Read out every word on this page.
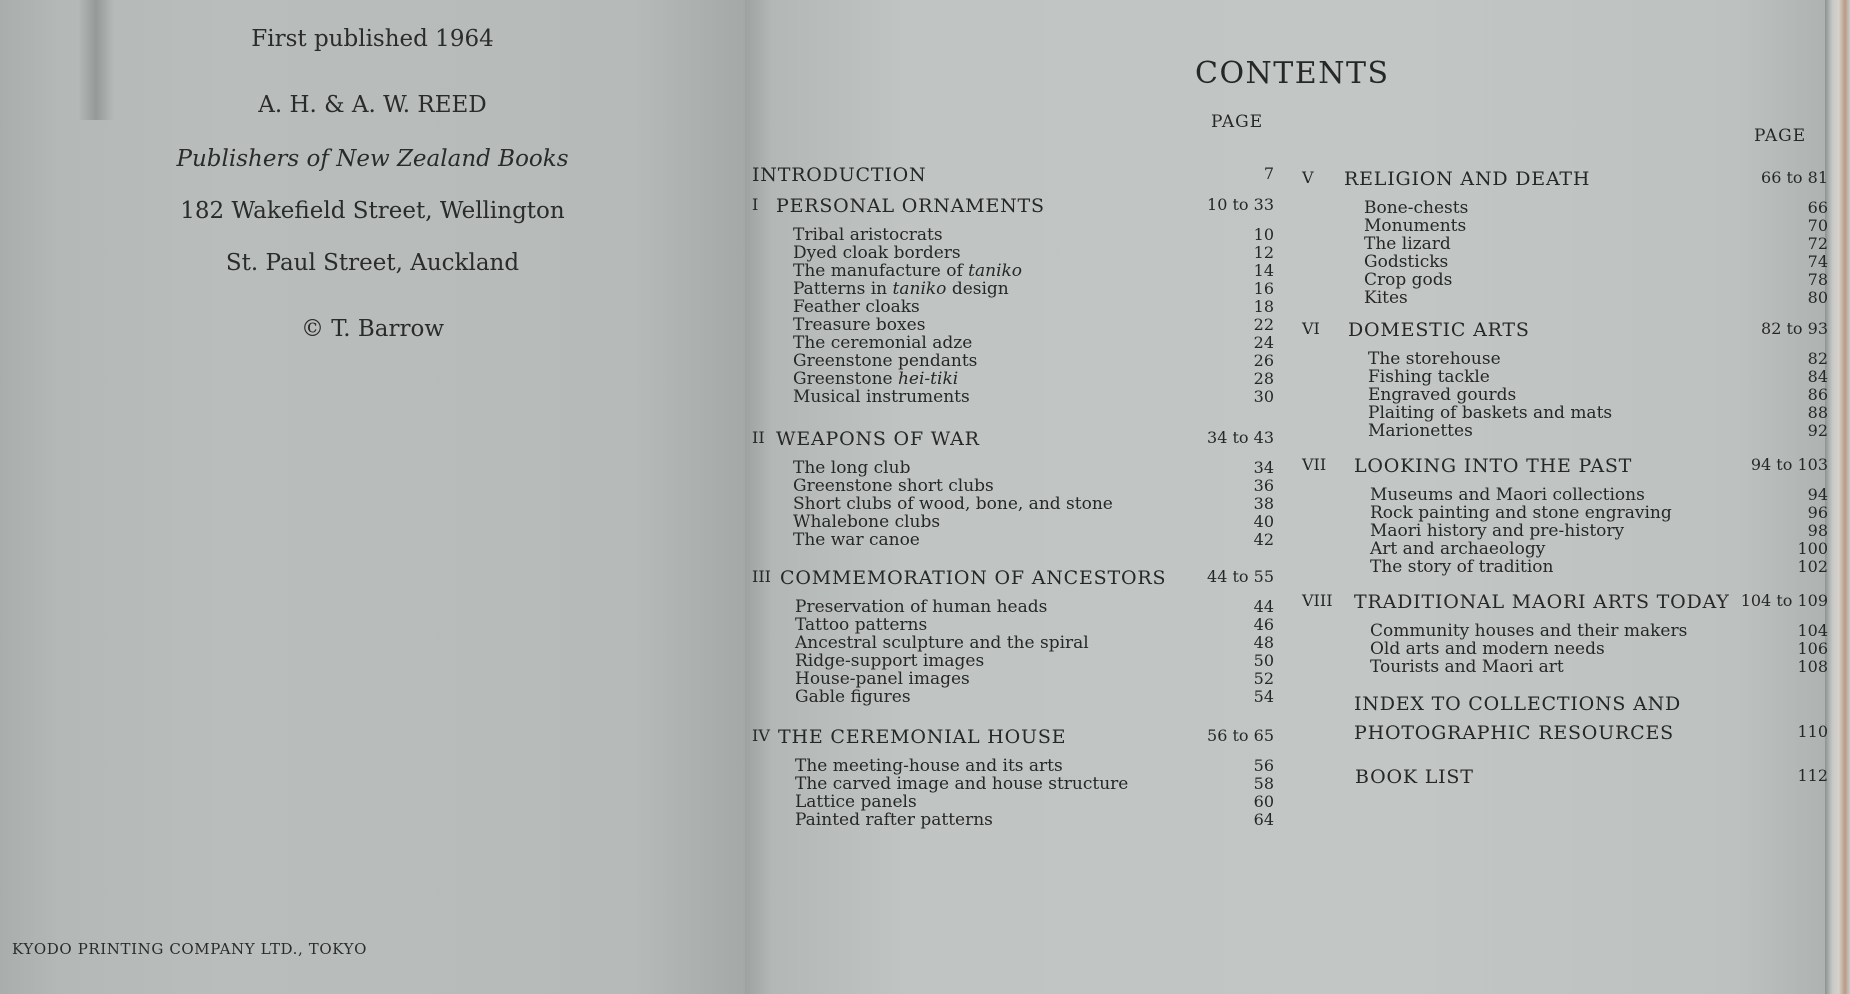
First published 1964
A. H. & A. W. REED
Publishers of New Zealand Books
182 Wakefield Street, Wellington
St. Paul Street, Auckland
© T. Barrow
KYODO PRINTING COMPANY LTD., TOKYO
CONTENTS
PAGE
PAGE
INTRODUCTION	7
I PERSONAL ORNAMENTS	10 to 33
Tribal aristocrats	10
Dyed cloak borders	12
The manufacture of taniko	14
Patterns in taniko design	16
Feather cloaks	18
Treasure boxes	22
The ceremonial adze	24
Greenstone pendants	26
Greenstone hei-tiki	28
Musical instruments	30
II WEAPONS OF WAR	34 to 43
The long club	34
Greenstone short clubs	36
Short clubs of wood, bone, and stone	38
Whalebone clubs	40
The war canoe	42
III COMMEMORATION OF ANCESTORS	44 to 55
Preservation of human heads	44
Tattoo patterns	46
Ancestral sculpture and the spiral	48
Ridge-support images	50
House-panel images	52
Gable figures	54
IV THE CEREMONIAL HOUSE	56 to 65
The meeting-house and its arts	56
The carved image and house structure	58
Lattice panels	60
Painted rafter patterns	64
V RELIGION AND DEATH	66 to 81
Bone-chests	66
Monuments	70
The lizard	72
Godsticks	74
Crop gods	78
Kites	80
VI DOMESTIC ARTS	82 to 93
The storehouse	82
Fishing tackle	84
Engraved gourds	86
Plaiting of baskets and mats	88
Marionettes	92
VII LOOKING INTO THE PAST	94 to 103
Museums and Maori collections	94
Rock painting and stone engraving	96
Maori history and pre-history	98
Art and archaeology	100
The story of tradition	102
VIII TRADITIONAL MAORI ARTS TODAY 104 to 109
Community houses and their makers	104
Old arts and modern needs	106
Tourists and Maori art	108
INDEX TO COLLECTIONS AND
PHOTOGRAPHIC RESOURCES	110
BOOK LIST	112
